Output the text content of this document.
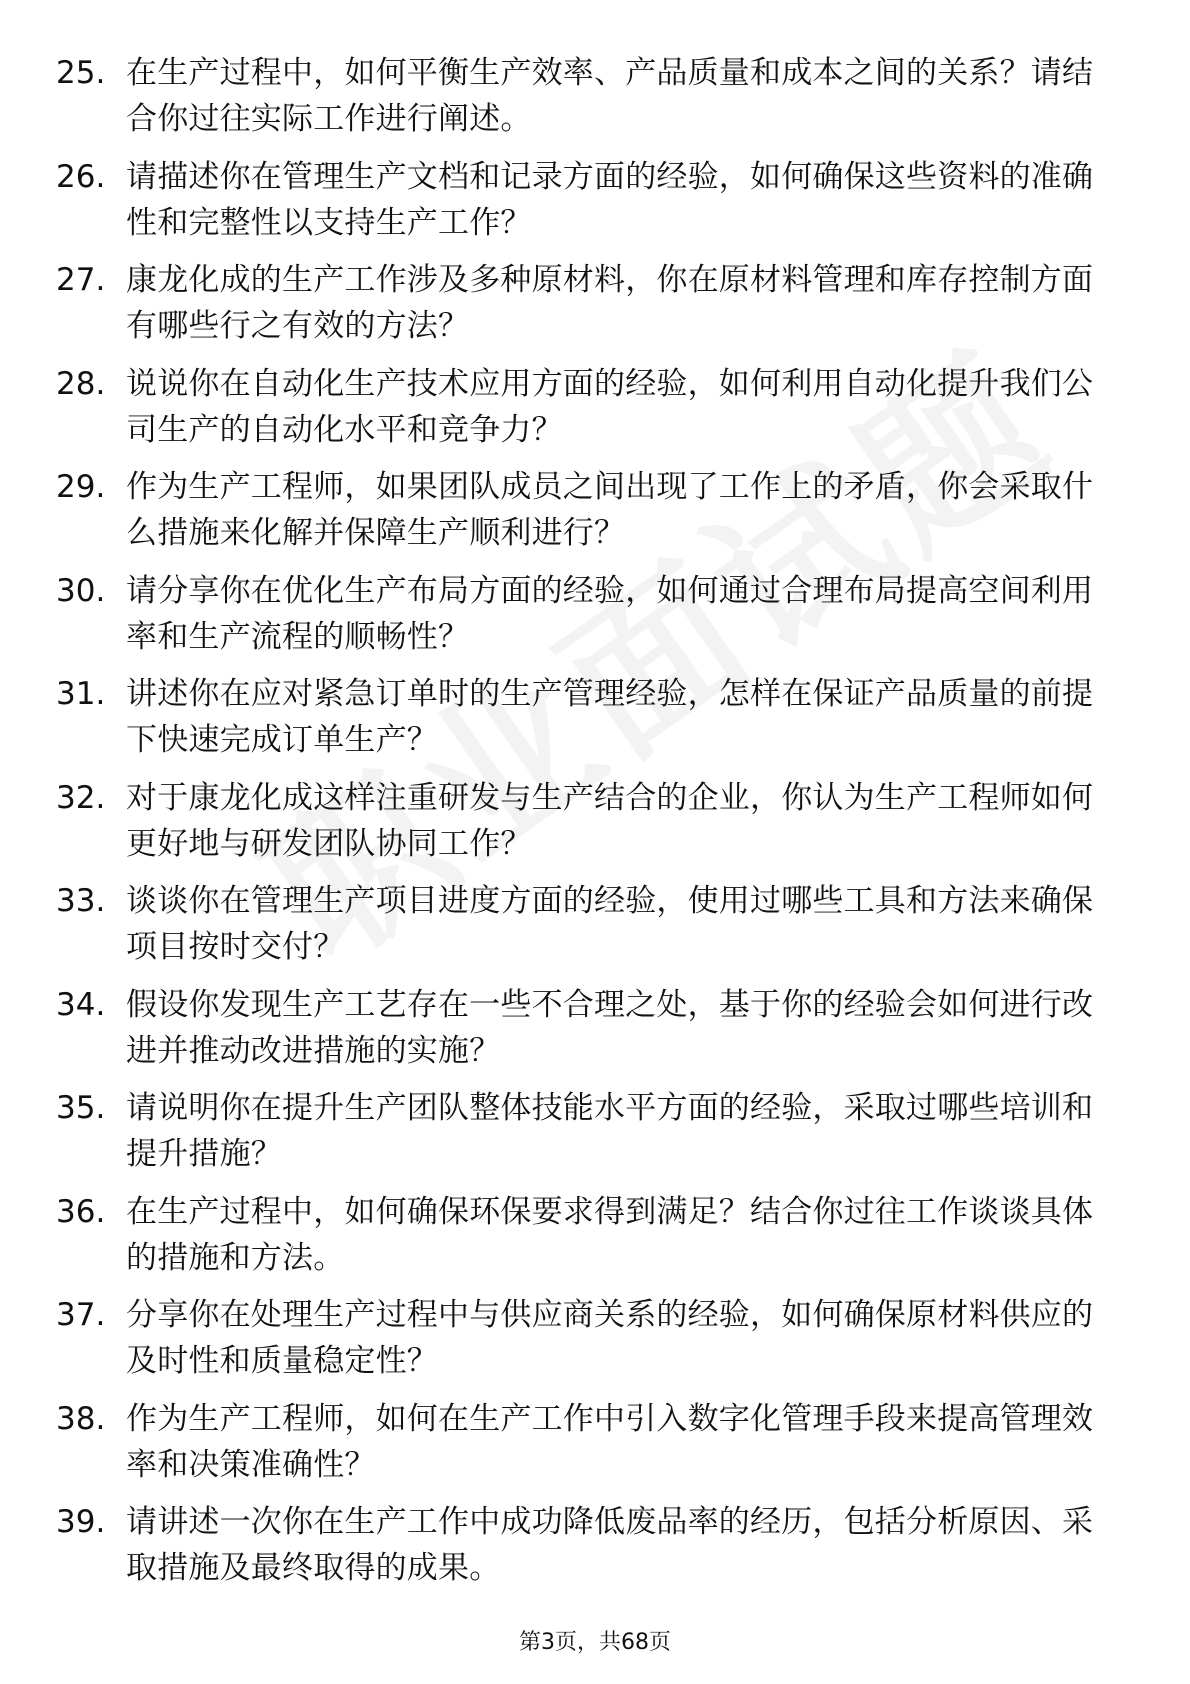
25. 在生产过程中，如何平衡生产效率、产品质量和成本之间的关系？请结合你过往实际工作进行阐述。
26. 请描述你在管理生产文档和记录方面的经验，如何确保这些资料的准确性和完整性以支持生产工作？
27. 康龙化成的生产工作涉及多种原材料，你在原材料管理和库存控制方面有哪些行之有效的方法？
28. 说说你在自动化生产技术应用方面的经验，如何利用自动化提升我们公司生产的自动化水平和竞争力？
29. 作为生产工程师，如果团队成员之间出现了工作上的矛盾，你会采取什么措施来化解并保障生产顺利进行？
30. 请分享你在优化生产布局方面的经验，如何通过合理布局提高空间利用率和生产流程的顺畅性？
31. 讲述你在应对紧急订单时的生产管理经验，怎样在保证产品质量的前提下快速完成订单生产？
32. 对于康龙化成这样注重研发与生产结合的企业，你认为生产工程师如何更好地与研发团队协同工作？
33. 谈谈你在管理生产项目进度方面的经验，使用过哪些工具和方法来确保项目按时交付？
34. 假设你发现生产工艺存在一些不合理之处，基于你的经验会如何进行改进并推动改进措施的实施？
35. 请说明你在提升生产团队整体技能水平方面的经验，采取过哪些培训和提升措施？
36. 在生产过程中，如何确保环保要求得到满足？结合你过往工作谈谈具体的措施和方法。
37. 分享你在处理生产过程中与供应商关系的经验，如何确保原材料供应的及时性和质量稳定性？
38. 作为生产工程师，如何在生产工作中引入数字化管理手段来提高管理效率和决策准确性？
39. 请讲述一次你在生产工作中成功降低废品率的经历，包括分析原因、采取措施及最终取得的成果。
第3页，共68页
